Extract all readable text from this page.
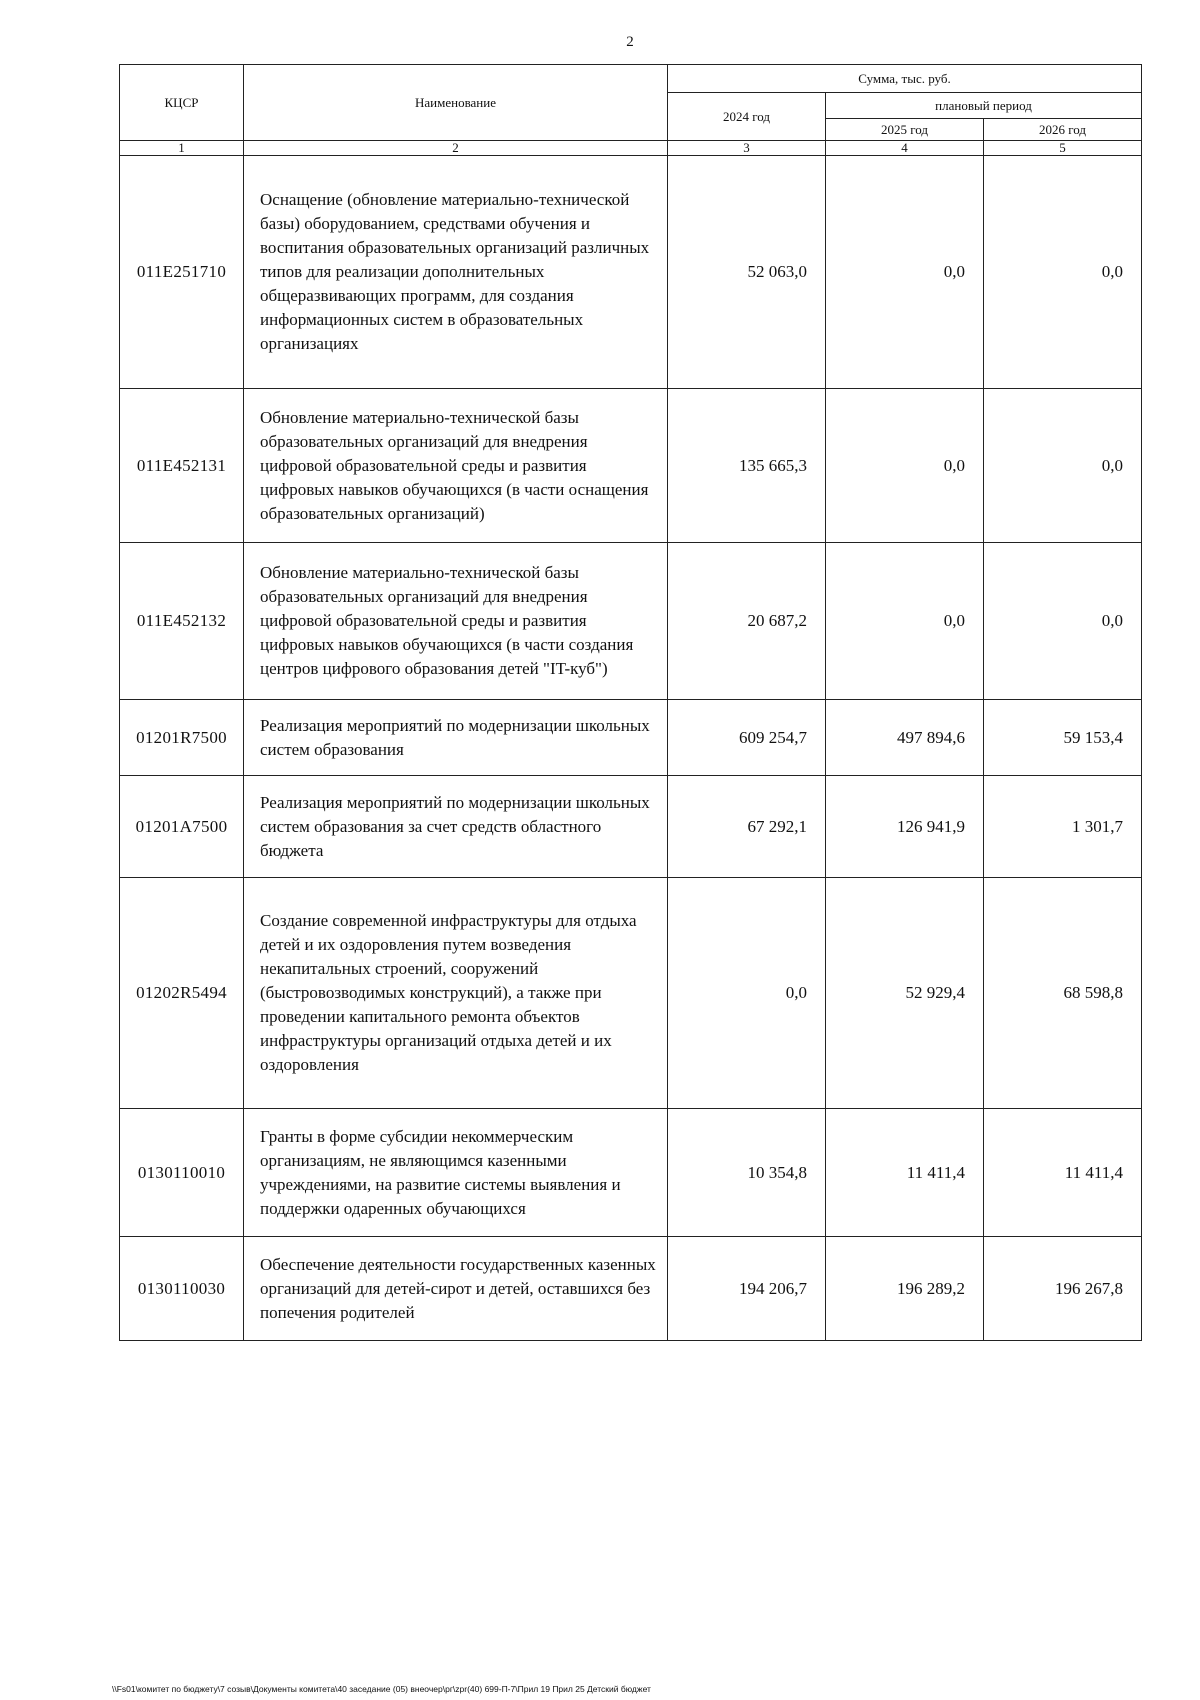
2
КЦСР	Наименование	Сумма, тыс. руб.		
		2024 год	плановый период	
			2025 год	2026 год
1	2	3	4	5
011Е251710	Оснащение (обновление материально-технической базы) оборудованием, средствами обучения и воспитания образовательных организаций различных типов для реализации дополнительных общеразвивающих программ, для создания информационных систем в образовательных организациях	52 063,0	0,0	0,0
011Е452131	Обновление материально-технической базы образовательных организаций для внедрения цифровой образовательной среды и развития цифровых навыков обучающихся (в части оснащения образовательных организаций)	135 665,3	0,0	0,0
011Е452132	Обновление материально-технической базы образовательных организаций для внедрения цифровой образовательной среды и развития цифровых навыков обучающихся (в части создания центров цифрового образования детей "IT-куб")	20 687,2	0,0	0,0
01201R7500	Реализация мероприятий по модернизации школьных систем образования	609 254,7	497 894,6	59 153,4
01201А7500	Реализация мероприятий по модернизации школьных систем образования за счет средств областного бюджета	67 292,1	126 941,9	1 301,7
01202R5494	Создание современной инфраструктуры для отдыха детей и их оздоровления путем возведения некапитальных строений, сооружений (быстровозводимых конструкций), а также при проведении капитального ремонта объектов инфраструктуры организаций отдыха детей и их оздоровления	0,0	52 929,4	68 598,8
0130110010	Гранты в форме субсидии некоммерческим организациям, не являющимся казенными учреждениями, на развитие системы выявления и поддержки одаренных обучающихся	10 354,8	11 411,4	11 411,4
0130110030	Обеспечение деятельности государственных казенных организаций для детей-сирот и детей, оставшихся без попечения родителей	194 206,7	196 289,2	196 267,8
\\Fs01\комитет по бюджету\7 созыв\Документы комитета\40 заседание (05) внеочер\рг\zpr(40) 699-П-7\Прил 19 Прил 25 Детский бюджет
